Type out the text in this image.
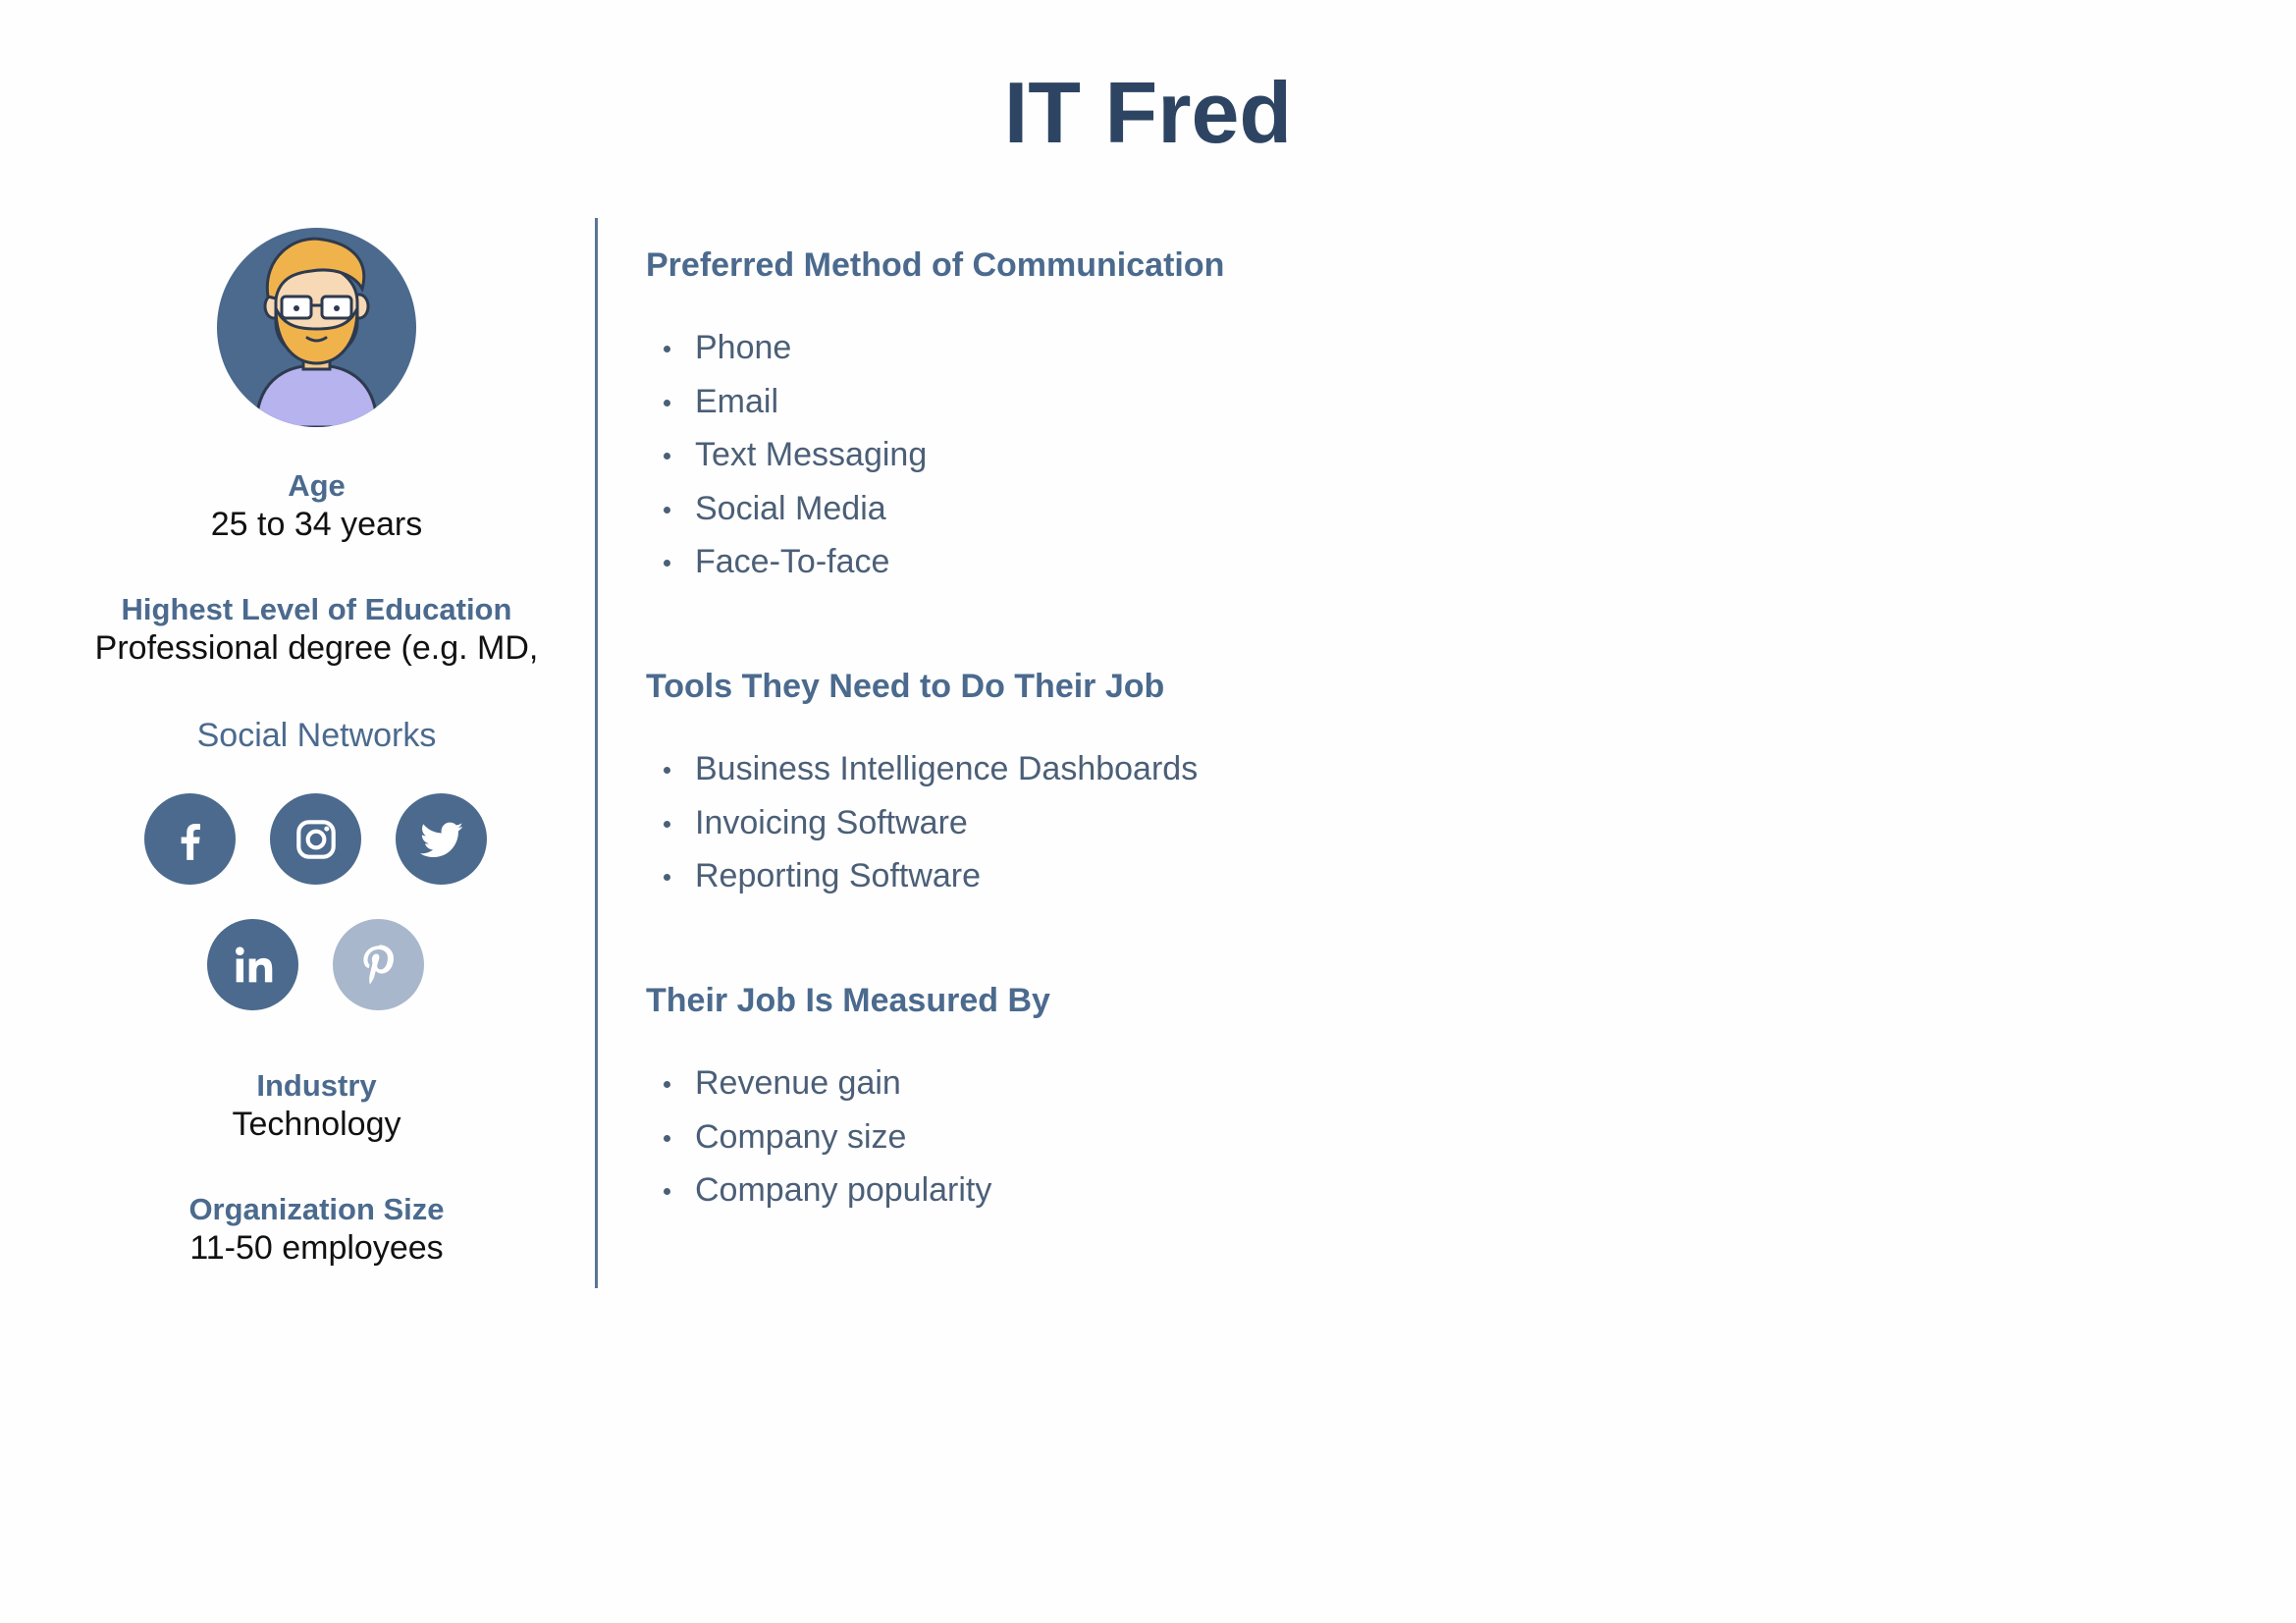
IT Fred
Age
25 to 34 years
Highest Level of Education
Professional degree (e.g. MD,
Social Networks
Industry
Technology
Organization Size
11-50 employees
Preferred Method of Communication
Phone
Email
Text Messaging
Social Media
Face-To-face
Tools They Need to Do Their Job
Business Intelligence Dashboards
Invoicing Software
Reporting Software
Their Job Is Measured By
Revenue gain
Company size
Company popularity
